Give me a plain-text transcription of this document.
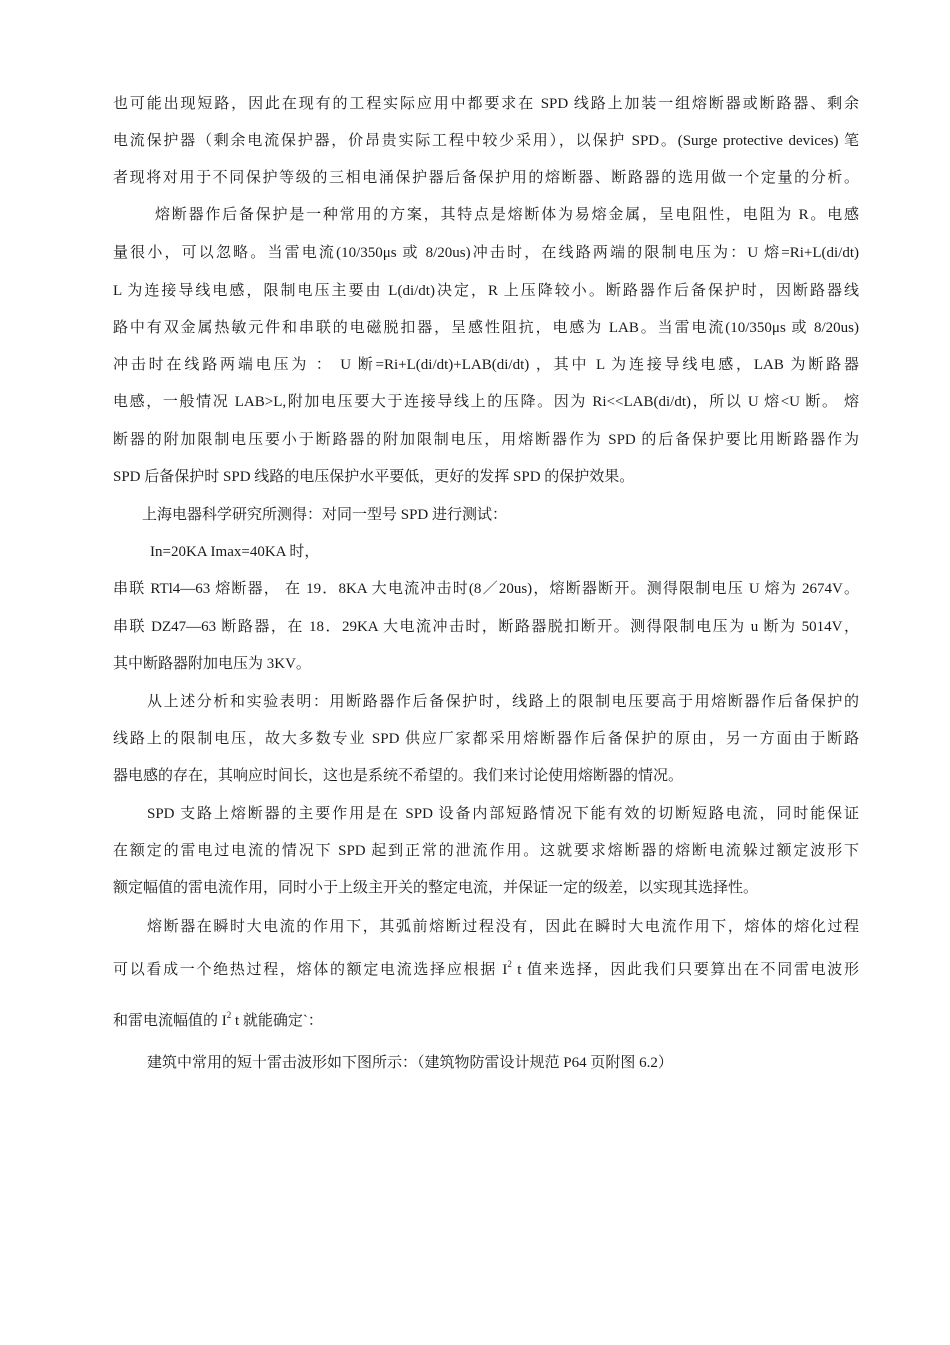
也可能出现短路，因此在现有的工程实际应用中都要求在 SPD 线路上加装一组熔断器或断路器、剩余
电流保护器（剩余电流保护器，价昂贵实际工程中较少采用），以保护 SPD。(Surge protective devices) 笔
者现将对用于不同保护等级的三相电涌保护器后备保护用的熔断器、断路器的选用做一个定量的分析。
熔断器作后备保护是一种常用的方案，其特点是熔断体为易熔金属，呈电阻性，电阻为 R。电感
量很小，可以忽略。当雷电流(10/350μs 或 8/20us)冲击时，在线路两端的限制电压为：U 熔=Ri+L(di/dt)
L 为连接导线电感，限制电压主要由 L(di/dt)决定，R 上压降较小。断路器作后备保护时，因断路器线
路中有双金属热敏元件和串联的电磁脱扣器，呈感性阻抗，电感为 LAB。当雷电流(10/350μs 或 8/20us)
冲击时在线路两端电压为 ： U 断=Ri+L(di/dt)+LAB(di/dt) ，其中 L 为连接导线电感，LAB 为断路器
电感，一般情况 LAB>L,附加电压要大于连接导线上的压降。因为 Ri<<LAB(di/dt)，所以 U 熔<U 断。 熔
断器的附加限制电压要小于断路器的附加限制电压，用熔断器作为 SPD 的后备保护要比用断路器作为
SPD 后备保护时 SPD 线路的电压保护水平要低，更好的发挥 SPD 的保护效果。
上海电器科学研究所测得：对同一型号 SPD 进行测试：
In=20KA Imax=40KA 时，
串联 RTl4—63 熔断器， 在 19．8KA 大电流冲击时(8／20us)，熔断器断开。测得限制电压 U 熔为 2674V。
串联 DZ47—63 断路器，在 18．29KA 大电流冲击时，断路器脱扣断开。测得限制电压为 u 断为 5014V，
其中断路器附加电压为 3KV。
从上述分析和实验表明：用断路器作后备保护时，线路上的限制电压要高于用熔断器作后备保护的
线路上的限制电压，故大多数专业 SPD 供应厂家都采用熔断器作后备保护的原由，另一方面由于断路
器电感的存在，其响应时间长，这也是系统不希望的。我们来讨论使用熔断器的情况。
SPD 支路上熔断器的主要作用是在 SPD 设备内部短路情况下能有效的切断短路电流，同时能保证
在额定的雷电过电流的情况下 SPD 起到正常的泄流作用。这就要求熔断器的熔断电流躲过额定波形下
额定幅值的雷电流作用，同时小于上级主开关的整定电流，并保证一定的级差，以实现其选择性。
熔断器在瞬时大电流的作用下，其弧前熔断过程没有，因此在瞬时大电流作用下，熔体的熔化过程
可以看成一个绝热过程，熔体的额定电流选择应根据 $I^2$ t 值来选择，因此我们只要算出在不同雷电波形
和雷电流幅值的 $I^2$ t 就能确定`：
建筑中常用的短十雷击波形如下图所示：（建筑物防雷设计规范 P64 页附图 6.2）
